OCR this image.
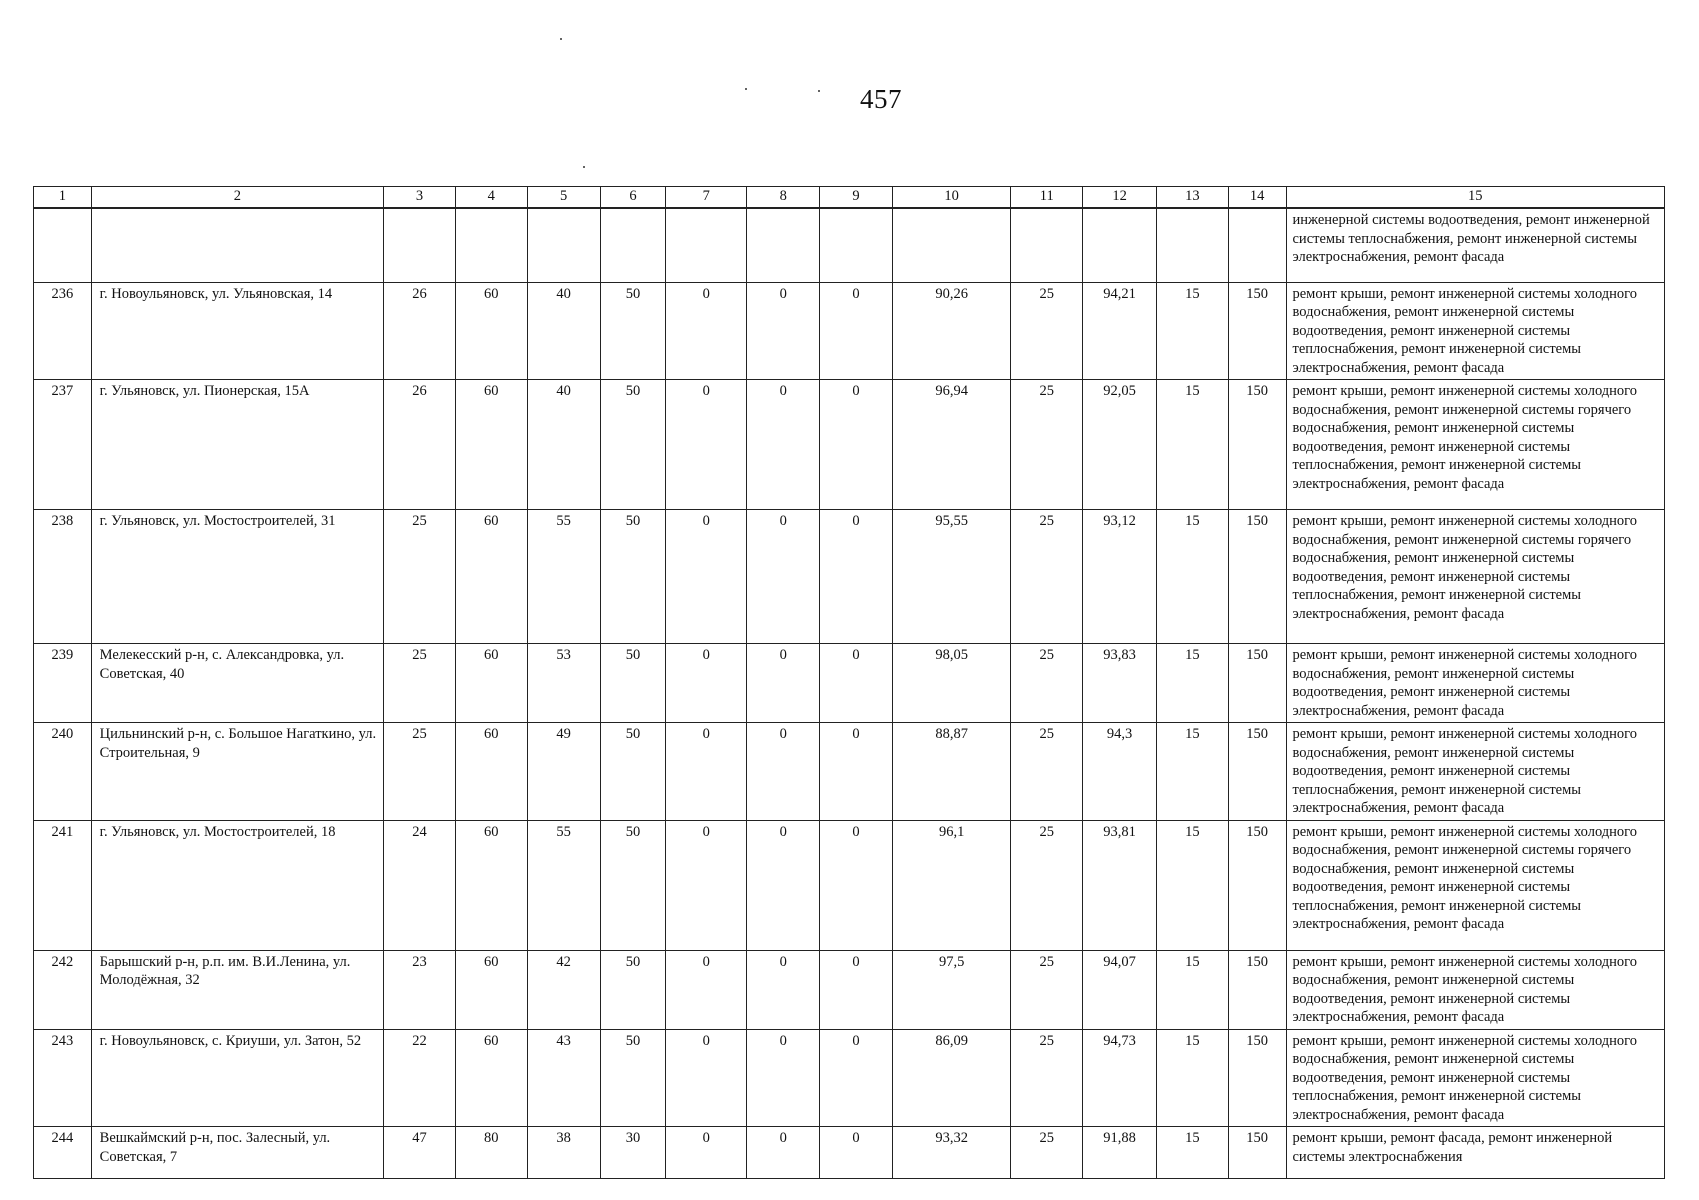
457
1	2	3	4	5	6	7	8	9	10	11	12	13	14	15
														инженерной системы водоотведения, ремонт инженерной системы теплоснабжения, ремонт инженерной системы электроснабжения, ремонт фасада
236	г. Новоульяновск, ул. Ульяновская, 14	26	60	40	50	0	0	0	90,26	25	94,21	15	150	ремонт крыши, ремонт инженерной системы холодного водоснабжения, ремонт инженерной системы водоотведения, ремонт инженерной системы теплоснабжения, ремонт инженерной системы электроснабжения, ремонт фасада
237	г. Ульяновск, ул. Пионерская, 15А	26	60	40	50	0	0	0	96,94	25	92,05	15	150	ремонт крыши, ремонт инженерной системы холодного водоснабжения, ремонт инженерной системы горячего водоснабжения, ремонт инженерной системы водоотведения, ремонт инженерной системы теплоснабжения, ремонт инженерной системы электроснабжения, ремонт фасада
238	г. Ульяновск, ул. Мостостроителей, 31	25	60	55	50	0	0	0	95,55	25	93,12	15	150	ремонт крыши, ремонт инженерной системы холодного водоснабжения, ремонт инженерной системы горячего водоснабжения, ремонт инженерной системы водоотведения, ремонт инженерной системы теплоснабжения, ремонт инженерной системы электроснабжения, ремонт фасада
239	Мелекесский р-н, с. Александровка, ул. Советская, 40	25	60	53	50	0	0	0	98,05	25	93,83	15	150	ремонт крыши, ремонт инженерной системы холодного водоснабжения, ремонт инженерной системы водоотведения, ремонт инженерной системы электроснабжения, ремонт фасада
240	Цильнинский р-н, с. Большое Нагаткино, ул. Строительная, 9	25	60	49	50	0	0	0	88,87	25	94,3	15	150	ремонт крыши, ремонт инженерной системы холодного водоснабжения, ремонт инженерной системы водоотведения, ремонт инженерной системы теплоснабжения, ремонт инженерной системы электроснабжения, ремонт фасада
241	г. Ульяновск, ул. Мостостроителей, 18	24	60	55	50	0	0	0	96,1	25	93,81	15	150	ремонт крыши, ремонт инженерной системы холодного водоснабжения, ремонт инженерной системы горячего водоснабжения, ремонт инженерной системы водоотведения, ремонт инженерной системы теплоснабжения, ремонт инженерной системы электроснабжения, ремонт фасада
242	Барышский р-н, р.п. им. В.И.Ленина, ул. Молодёжная, 32	23	60	42	50	0	0	0	97,5	25	94,07	15	150	ремонт крыши, ремонт инженерной системы холодного водоснабжения, ремонт инженерной системы водоотведения, ремонт инженерной системы электроснабжения, ремонт фасада
243	г. Новоульяновск, с. Криуши, ул. Затон, 52	22	60	43	50	0	0	0	86,09	25	94,73	15	150	ремонт крыши, ремонт инженерной системы холодного водоснабжения, ремонт инженерной системы водоотведения, ремонт инженерной системы теплоснабжения, ремонт инженерной системы электроснабжения, ремонт фасада
244	Вешкаймский р-н, пос. Залесный, ул. Советская, 7	47	80	38	30	0	0	0	93,32	25	91,88	15	150	ремонт крыши, ремонт фасада, ремонт инженерной системы электроснабжения
